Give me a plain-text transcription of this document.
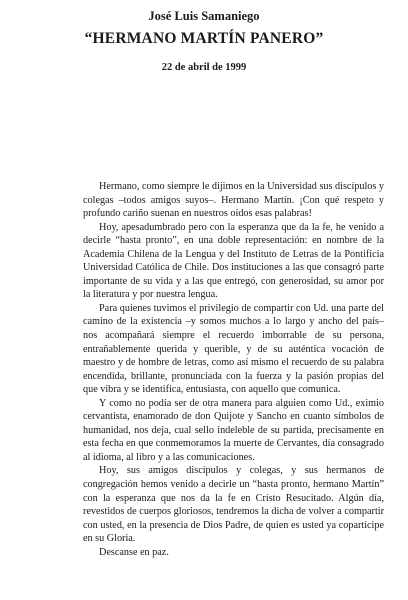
José Luis Samaniego
“HERMANO MARTÍN PANERO”
22 de abril de 1999

Hermano, como siempre le dijimos en la Universidad sus discípulos y colegas –todos amigos suyos–. Hermano Martín. ¡Con qué respeto y profundo cariño suenan en nuestros oídos esas palabras!

Hoy, apesadumbrado pero con la esperanza que da la fe, he venido a decirle “hasta pronto”, en una doble representación: en nombre de la Academia Chilena de la Lengua y del Instituto de Letras de la Pontificia Universidad Católica de Chile. Dos instituciones a las que consagró parte importante de su vida y a las que entregó, con generosidad, su amor por la literatura y por nuestra lengua.

Para quienes tuvimos el privilegio de compartir con Ud. una parte del camino de la existencia –y somos muchos a lo largo y ancho del país– nos acompañará siempre el recuerdo imborrable de su persona, entrañablemente querida y querible, y de su auténtica vocación de maestro y de hombre de letras, como así mismo el recuerdo de su palabra encendida, brillante, pronunciada con la fuerza y la pasión propias del que vibra y se identifica, entusiasta, con aquello que comunica.

Y como no podía ser de otra manera para alguien como Ud., eximio cervantista, enamorado de don Quijote y Sancho en cuanto símbolos de humanidad, nos deja, cual sello indeleble de su partida, precisamente en esta fecha en que conmemoramos la muerte de Cervantes, día consagrado al idioma, al libro y a las comunicaciones.

Hoy, sus amigos discípulos y colegas, y sus hermanos de congregación hemos venido a decirle un “hasta pronto, hermano Martín” con la esperanza que nos da la fe en Cristo Resucitado. Algún día, revestidos de cuerpos gloriosos, tendremos la dicha de volver a compartir con usted, en la presencia de Dios Padre, de quien es usted ya copartícipe en su Gloria.

Descanse en paz.
